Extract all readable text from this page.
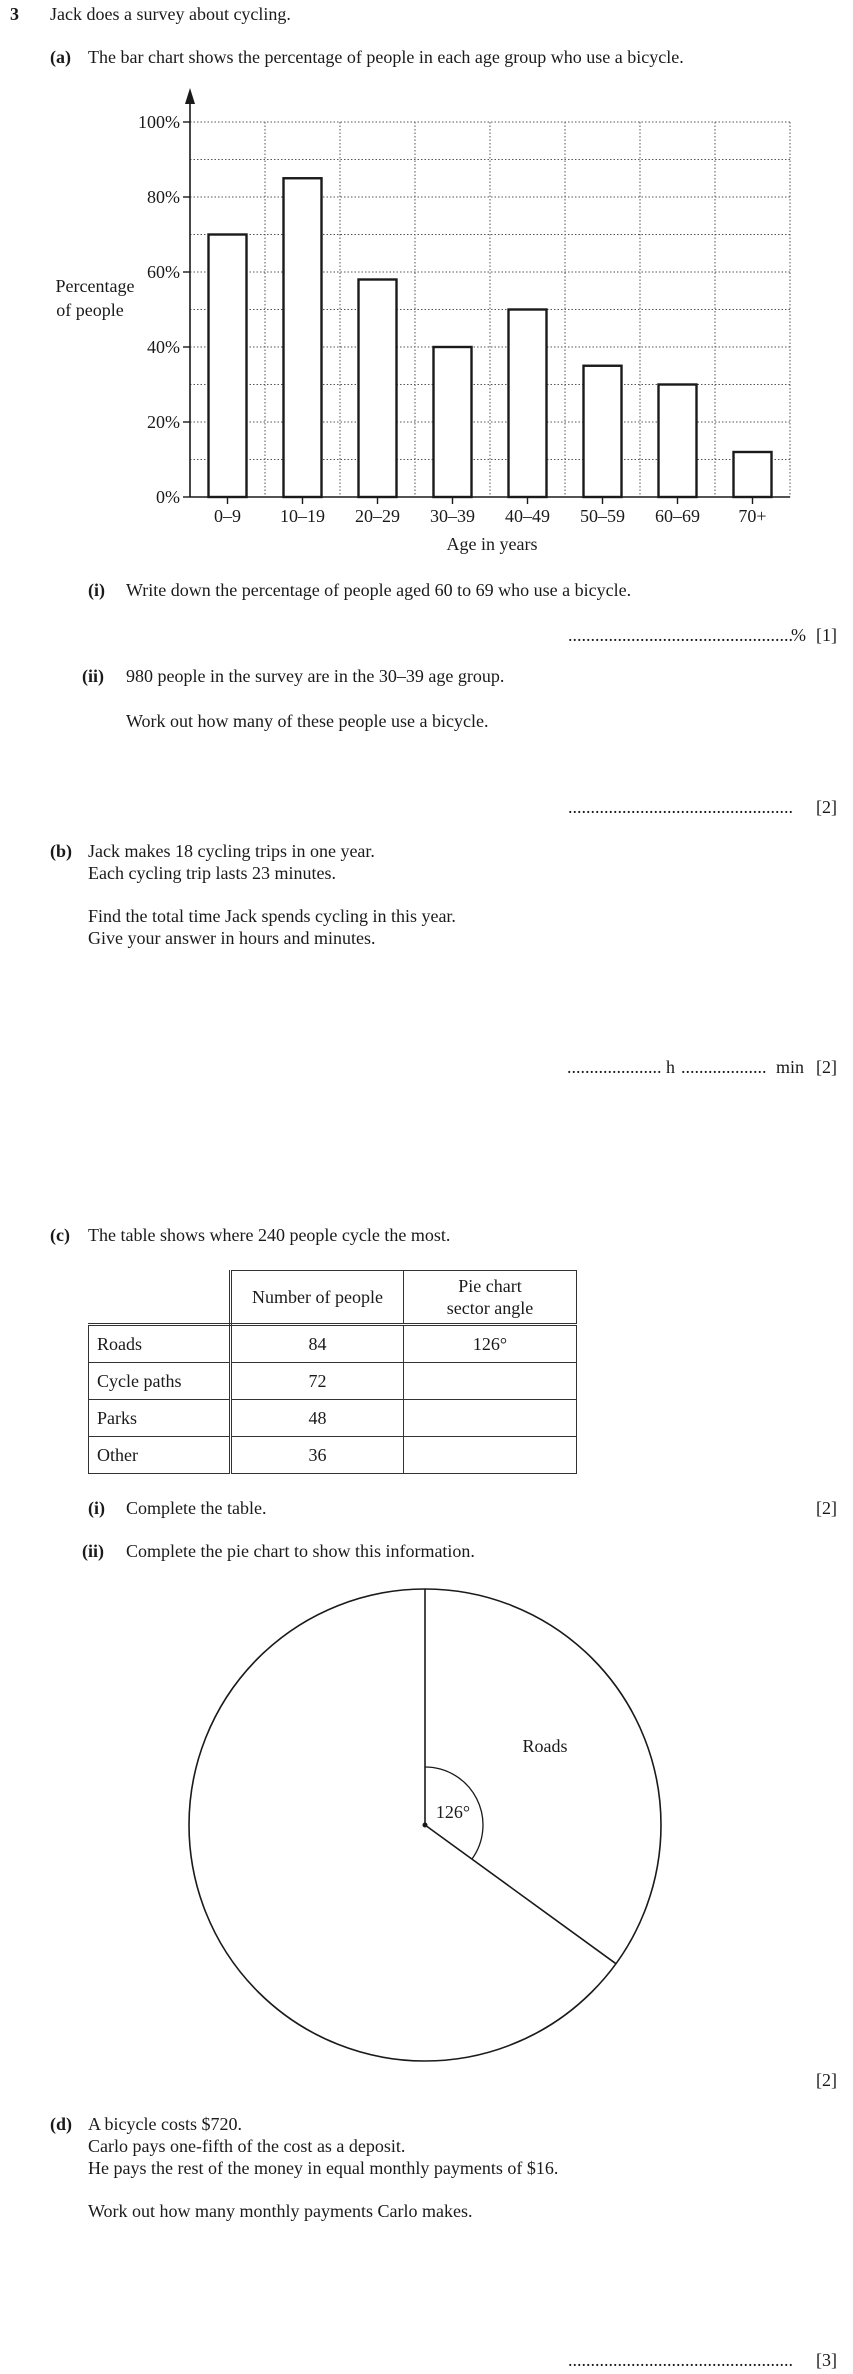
3 Jack does a survey about cycling.
(a) The bar chart shows the percentage of people in each age group who use a bicycle.
Percentage
of people
Age in years
0%
20%
40%
60%
80%
100%
0–9 10–19 20–29 30–39 40–49 50–59 60–69 70+
(i) Write down the percentage of people aged 60 to 69 who use a bicycle.
..................................................
% [1]
(ii) 980 people in the survey are in the 30–39 age group.
Work out how many of these people use a bicycle.
.................................................. [2]
(b) Jack makes 18 cycling trips in one year.
Each cycling trip lasts 23 minutes.
Find the total time Jack spends cycling in this year.
Give your answer in hours and minutes.
..................... h ................... min [2]
(c) The table shows where 240 people cycle the most.
	Number of people	Pie chart
sector angle

Roads	84	126°
Cycle paths	72	
Parks	48	
Other	36	
(i) Complete the table.	[2]
(ii) Complete the pie chart to show this information.
Roads
126°
[2]
(d) A bicycle costs $720.
Carlo pays one-fifth of the cost as a deposit.
He pays the rest of the money in equal monthly payments of $16.
Work out how many monthly payments Carlo makes.
.................................................. [3]
